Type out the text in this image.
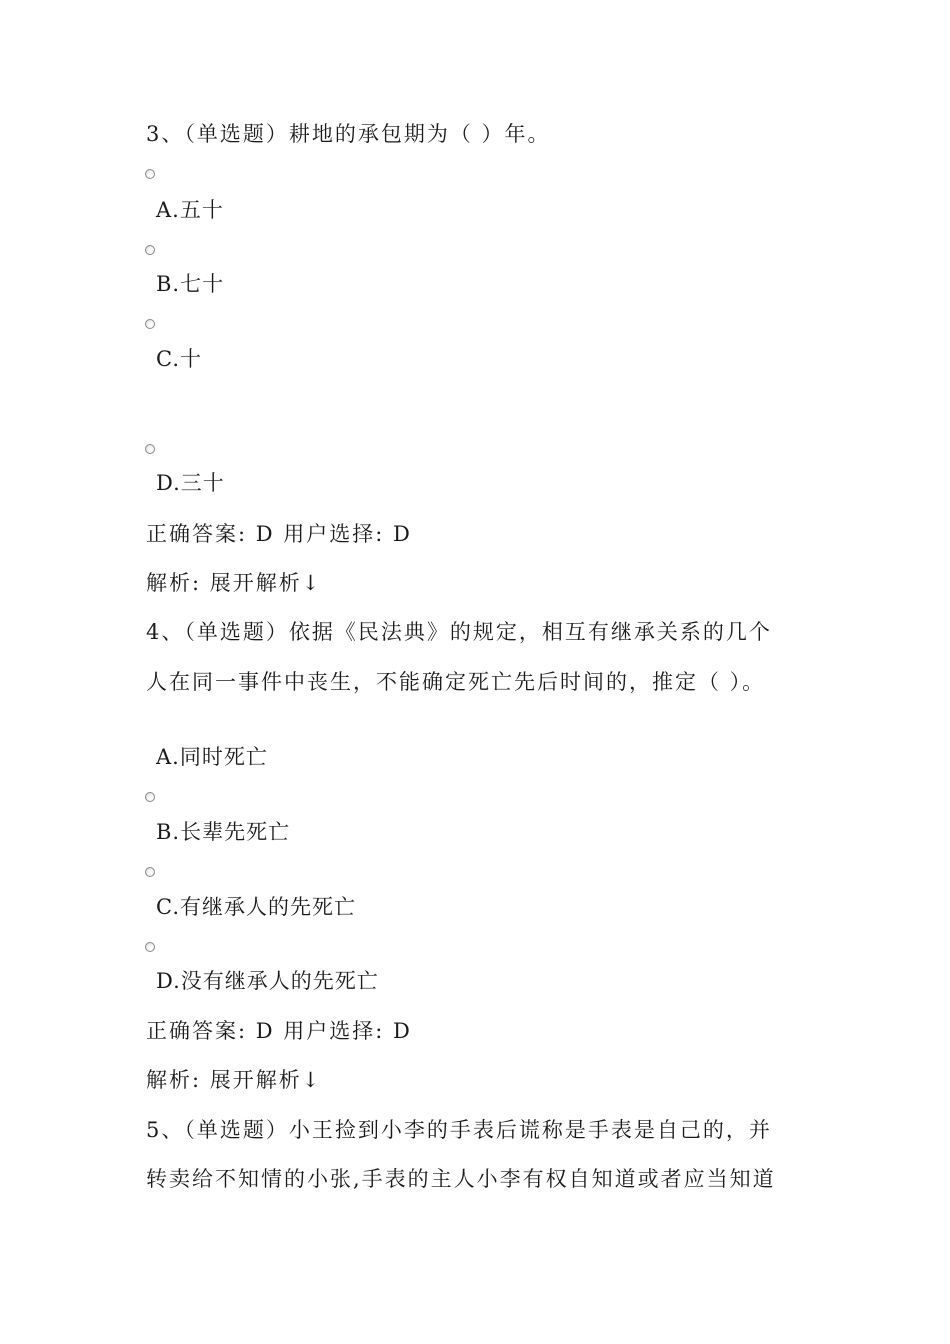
3、（单选题）耕地的承包期为（ ）年。
A.五十
B.七十
C.十
D.三十
正确答案: D 用户选择: D
解析: 展开解析↓
4、（单选题）依据《民法典》的规定，相互有继承关系的几个
人在同一事件中丧生，不能确定死亡先后时间的，推定（ ）。
A.同时死亡
B.长辈先死亡
C.有继承人的先死亡
D.没有继承人的先死亡
正确答案: D 用户选择: D
解析: 展开解析↓
5、（单选题）小王捡到小李的手表后谎称是手表是自己的，并
转卖给不知情的小张,手表的主人小李有权自知道或者应当知道
